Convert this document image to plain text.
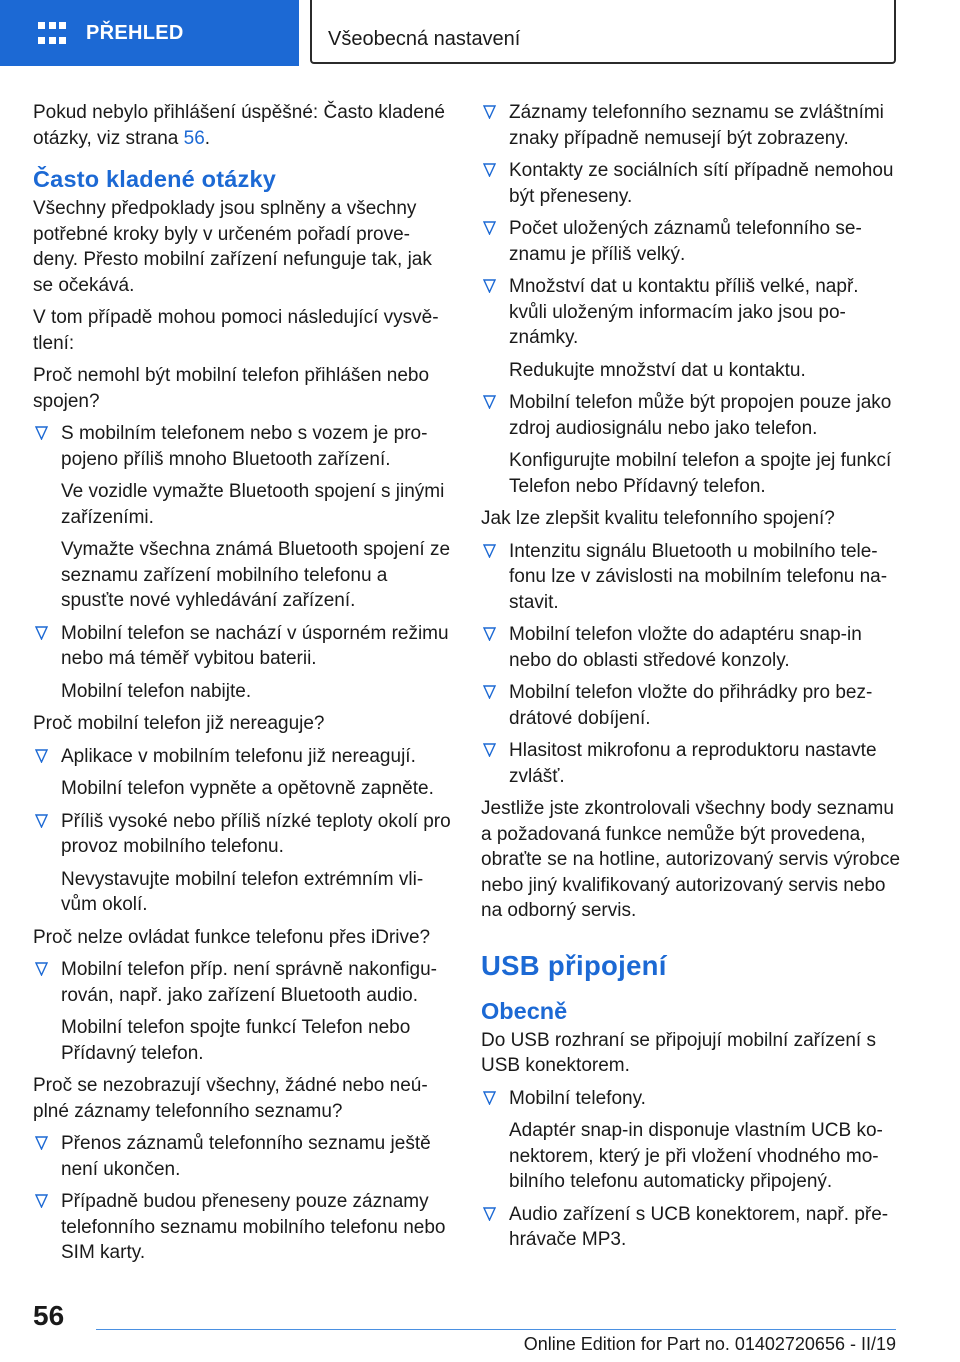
PŘEHLED	Všeobecná nastavení

Pokud nebylo přihlášení úspěšné: Často kladené otázky, viz strana 56.

Často kladené otázky

Všechny předpoklady jsou splněny a všechny potřebné kroky byly v určeném pořadí prove‐deny. Přesto mobilní zařízení nefunguje tak, jak se očekává.

V tom případě mohou pomoci následující vysvě‐tlení:

Proč nemohl být mobilní telefon přihlášen nebo spojen?

S mobilním telefonem nebo s vozem je pro‐pojeno příliš mnoho Bluetooth zařízení.

Ve vozidle vymažte Bluetooth spojení s jinými zařízeními.

Vymažte všechna známá Bluetooth spojení ze seznamu zařízení mobilního telefonu a spusťte nové vyhledávání zařízení.

Mobilní telefon se nachází v úsporném režimu nebo má téměř vybitou baterii.

Mobilní telefon nabijte.

Proč mobilní telefon již nereaguje?

Aplikace v mobilním telefonu již nereagují.

Mobilní telefon vypněte a opětovně zapněte.

Příliš vysoké nebo příliš nízké teploty okolí pro provoz mobilního telefonu.

Nevystavujte mobilní telefon extrémním vli‐vům okolí.

Proč nelze ovládat funkce telefonu přes iDrive?

Mobilní telefon příp. není správně nakonfigu‐rován, např. jako zařízení Bluetooth audio.

Mobilní telefon spojte funkcí Telefon nebo Přídavný telefon.

Proč se nezobrazují všechny, žádné nebo neú‐plné záznamy telefonního seznamu?

Přenos záznamů telefonního seznamu ještě není ukončen.
Případně budou přeneseny pouze záznamy telefonního seznamu mobilního telefonu nebo SIM karty.
Záznamy telefonního seznamu se zvláštními znaky případně nemusejí být zobrazeny.
Kontakty ze sociálních sítí případně nemohou být přeneseny.
Počet uložených záznamů telefonního se‐znamu je příliš velký.
Množství dat u kontaktu příliš velké, např. kvůli uloženým informacím jako jsou po‐známky.

Redukujte množství dat u kontaktu.

Mobilní telefon může být propojen pouze jako zdroj audiosignálu nebo jako telefon.

Konfigurujte mobilní telefon a spojte jej funkcí Telefon nebo Přídavný telefon.

Jak lze zlepšit kvalitu telefonního spojení?

Intenzitu signálu Bluetooth u mobilního tele‐fonu lze v závislosti na mobilním telefonu na‐stavit.
Mobilní telefon vložte do adaptéru snap-in nebo do oblasti středové konzoly.
Mobilní telefon vložte do přihrádky pro bez‐drátové dobíjení.
Hlasitost mikrofonu a reproduktoru nastavte zvlášť.

Jestliže jste zkontrolovali všechny body seznamu a požadovaná funkce nemůže být provedena, obraťte se na hotline, autorizovaný servis výrobce nebo jiný kvalifikovaný autorizovaný servis nebo na odborný servis.

USB připojení
Obecně

Do USB rozhraní se připojují mobilní zařízení s USB konektorem.

Mobilní telefony.

Adaptér snap-in disponuje vlastním UCB ko‐nektorem, který je při vložení vhodného mo‐bilního telefonu automaticky připojený.

Audio zařízení s UCB konektorem, např. pře‐hrávače MP3.
56
Online Edition for Part no. 01402720656 - II/19
